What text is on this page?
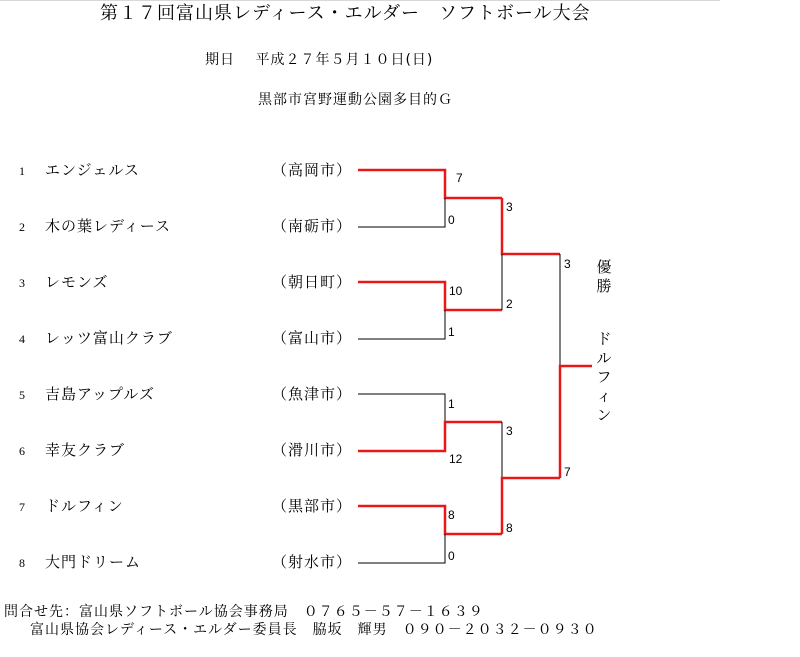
第１７回富山県レディース・エルダー　ソフトボール大会
期日　 平成２７年５月１０日(日)
黒部市宮野運動公園多目的Ｇ
1 エンジェルス	（高岡市）
2 木の葉レディース	（南砺市）
3 レモンズ	（朝日町）
4 レッツ富山クラブ	（富山市）
5 吉島アップルズ	（魚津市）
6 幸友クラブ	（滑川市）
7 ドルフィン	（黒部市）
8 大門ドリーム	（射水市）
7
0
10
1
1
12
8
0
3
2
3
8
3
7
優勝
ドルフィン
問合せ先：富山県ソフトボール協会事務局　０７６５－５７－１６３９
富山県協会レディース・エルダー委員長　脇坂　輝男　０９０－２０３２－０９３０
